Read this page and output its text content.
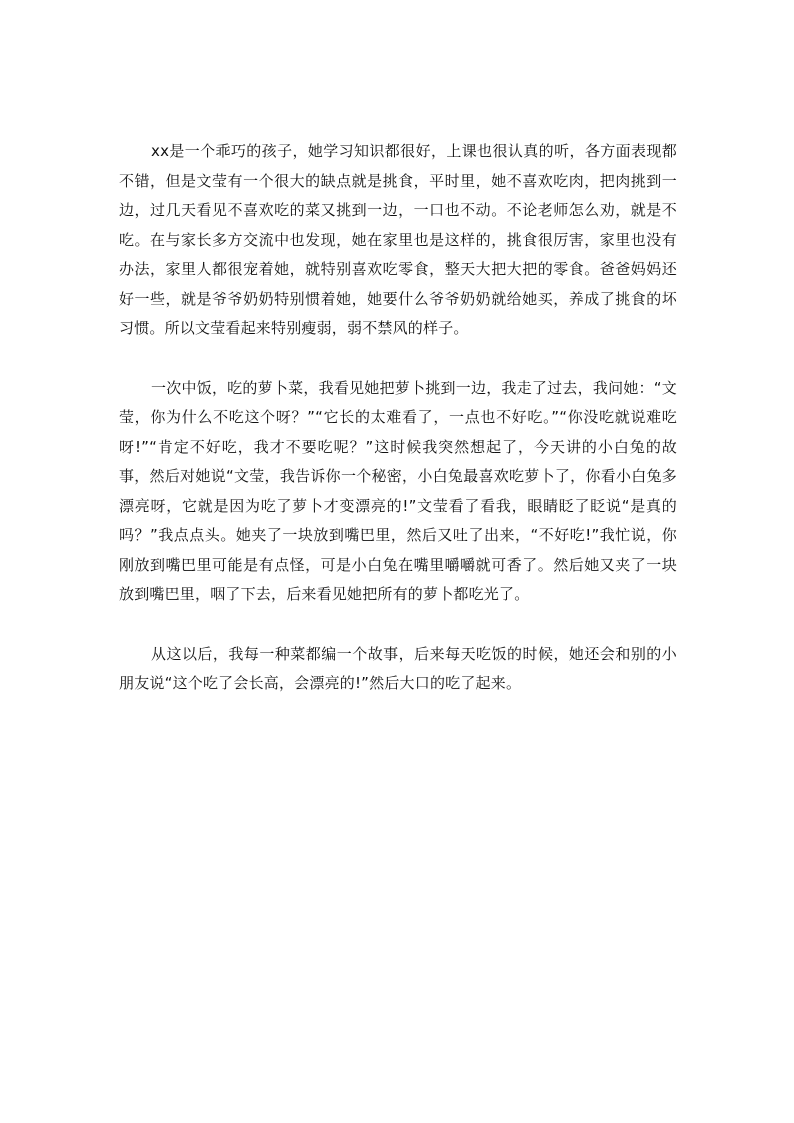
xx是一个乖巧的孩子，她学习知识都很好，上课也很认真的听，各方面表现都不错，但是文莹有一个很大的缺点就是挑食，平时里，她不喜欢吃肉，把肉挑到一边，过几天看见不喜欢吃的菜又挑到一边，一口也不动。不论老师怎么劝，就是不吃。在与家长多方交流中也发现，她在家里也是这样的，挑食很厉害，家里也没有办法，家里人都很宠着她，就特别喜欢吃零食，整天大把大把的零食。爸爸妈妈还好一些，就是爷爷奶奶特别惯着她，她要什么爷爷奶奶就给她买，养成了挑食的坏习惯。所以文莹看起来特别瘦弱，弱不禁风的样子。

一次中饭，吃的萝卜菜，我看见她把萝卜挑到一边，我走了过去，我问她：“文莹，你为什么不吃这个呀？”“它长的太难看了，一点也不好吃。”“你没吃就说难吃呀!”“肯定不好吃，我才不要吃呢？”这时候我突然想起了，今天讲的小白兔的故事，然后对她说“文莹，我告诉你一个秘密，小白兔最喜欢吃萝卜了，你看小白兔多漂亮呀，它就是因为吃了萝卜才变漂亮的!”文莹看了看我，眼睛眨了眨说“是真的吗？”我点点头。她夹了一块放到嘴巴里，然后又吐了出来，“不好吃!”我忙说，你刚放到嘴巴里可能是有点怪，可是小白兔在嘴里嚼嚼就可香了。然后她又夹了一块放到嘴巴里，咽了下去，后来看见她把所有的萝卜都吃光了。

从这以后，我每一种菜都编一个故事，后来每天吃饭的时候，她还会和别的小朋友说“这个吃了会长高，会漂亮的!”然后大口的吃了起来。
